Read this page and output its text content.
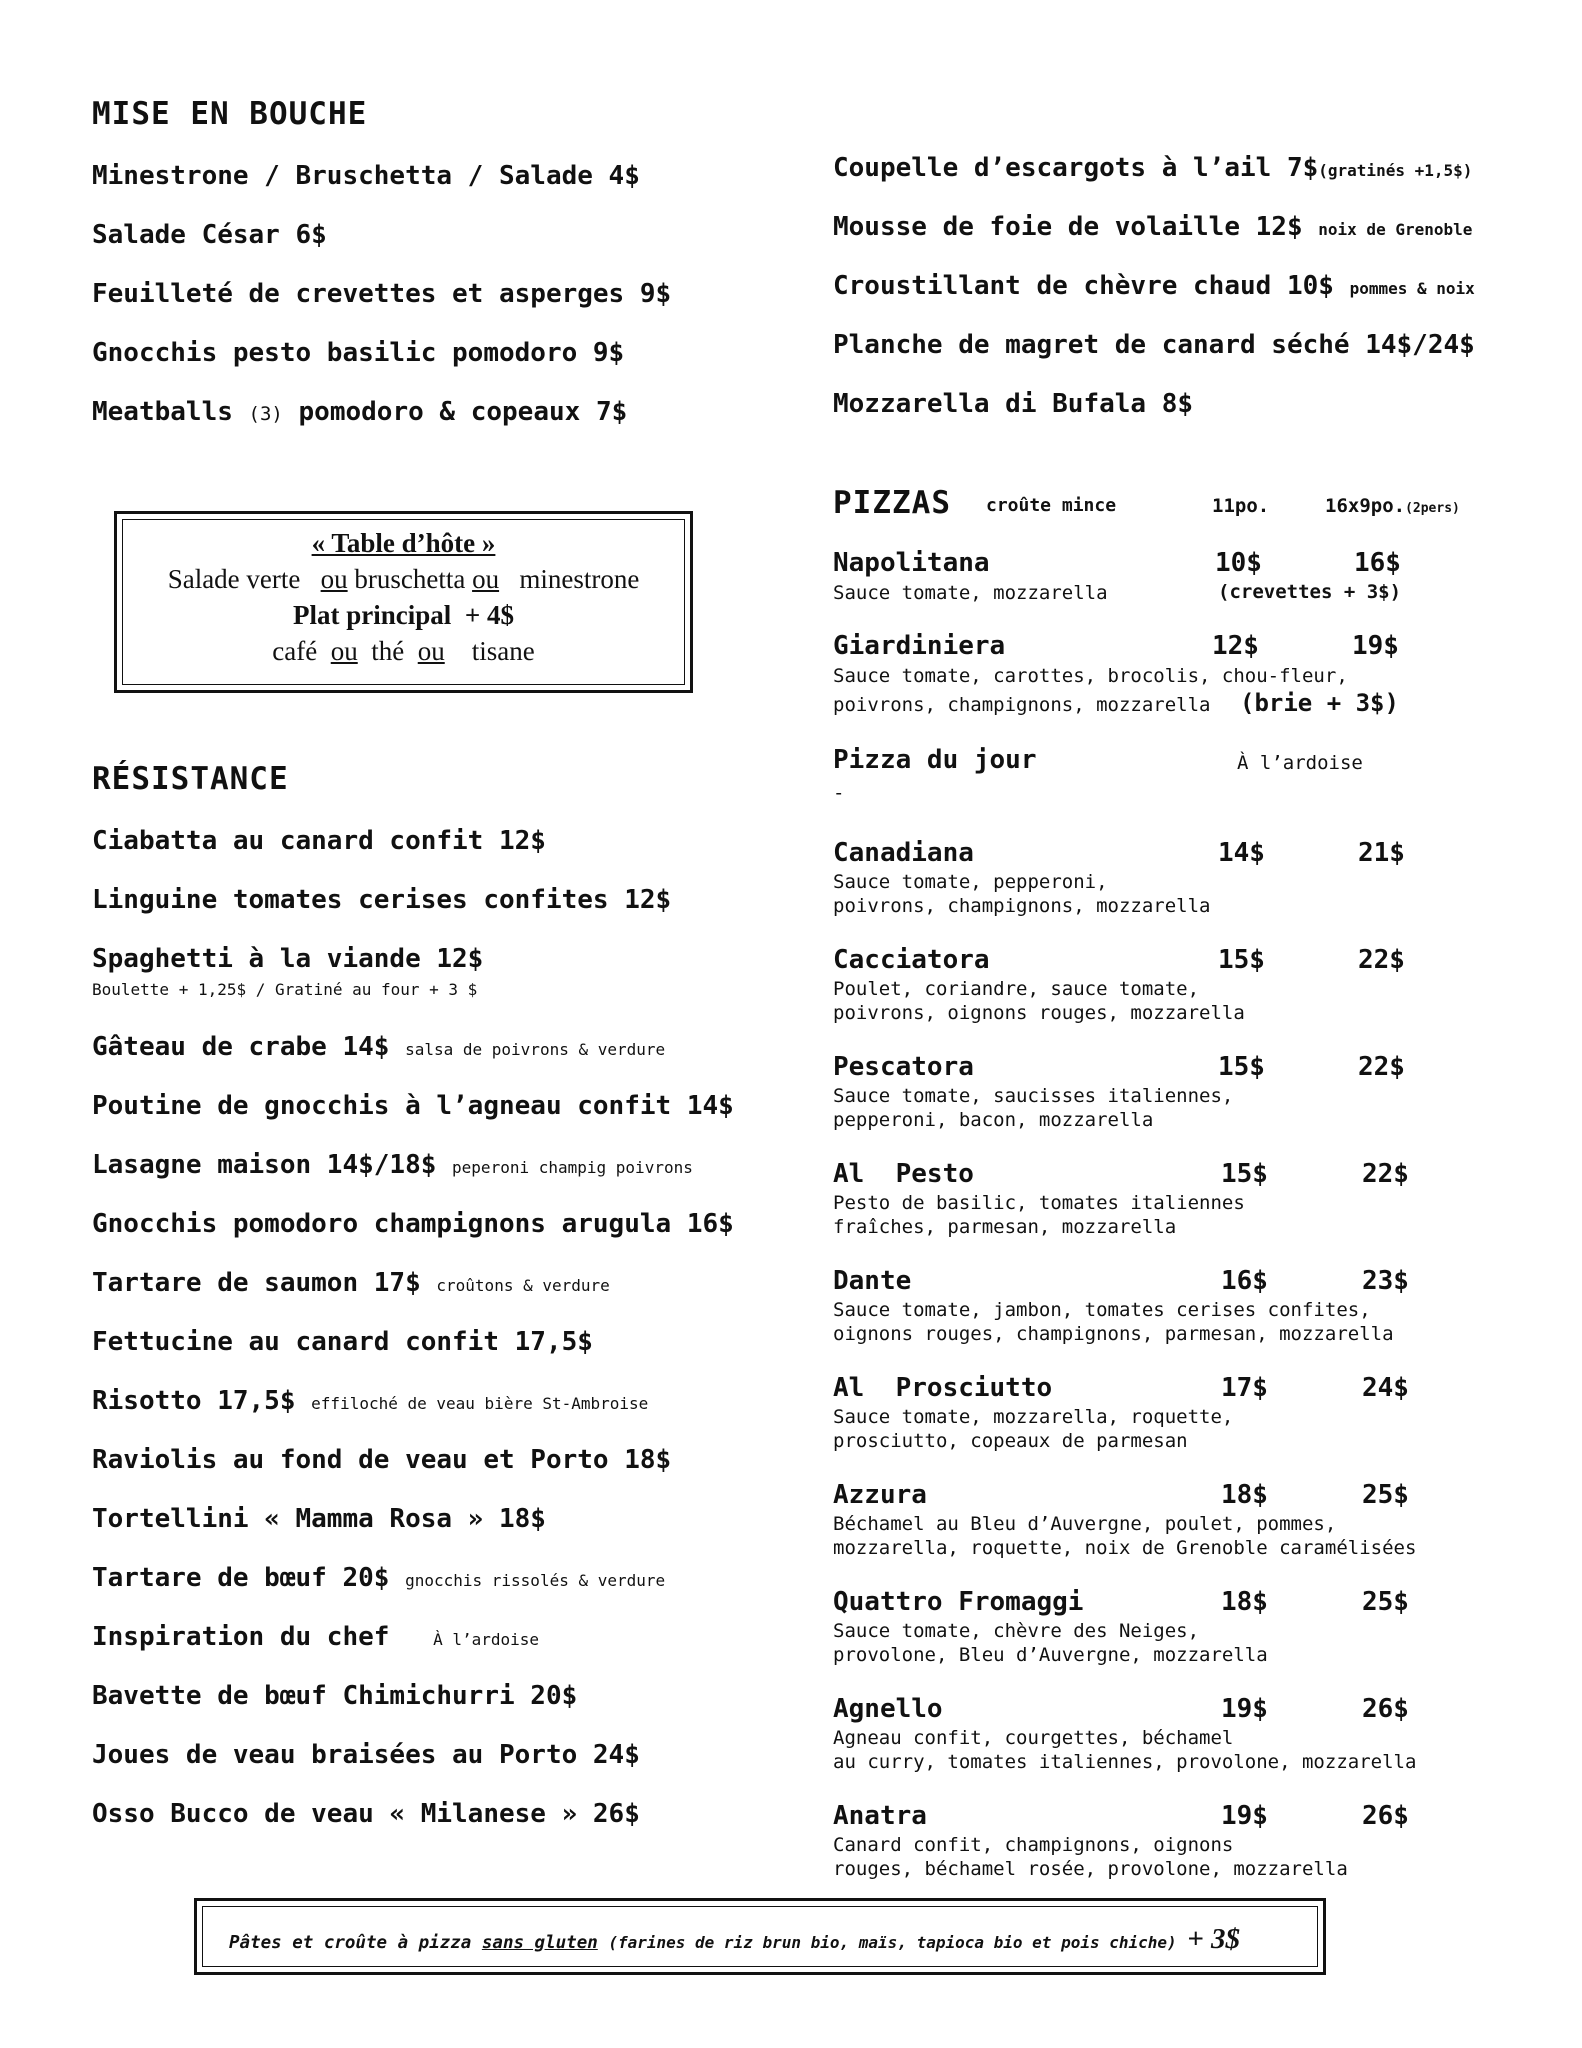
MISE EN BOUCHE
Minestrone / Bruschetta / Salade 4$
Salade César 6$
Feuilleté de crevettes et asperges 9$
Gnocchis pesto basilic pomodoro 9$
Meatballs (3) pomodoro & copeaux 7$
Coupelle d’escargots à l’ail 7$(gratinés +1,5$)
Mousse de foie de volaille 12$ noix de Grenoble
Croustillant de chèvre chaud 10$ pommes & noix
Planche de magret de canard séché 14$/24$
Mozzarella di Bufala 8$
« Table d’hôte »
Salade verte ou bruschetta ou minestrone
Plat principal + 4$
café ou thé ou tisane
RÉSISTANCE
Ciabatta au canard confit 12$
Linguine tomates cerises confites 12$
Spaghetti à la viande 12$
Boulette + 1,25$ / Gratiné au four + 3 $
Gâteau de crabe 14$ salsa de poivrons & verdure
Poutine de gnocchis à l’agneau confit 14$
Lasagne maison 14$/18$ peperoni champig poivrons
Gnocchis pomodoro champignons arugula 16$
Tartare de saumon 17$ croûtons & verdure
Fettucine au canard confit 17,5$
Risotto 17,5$ effiloché de veau bière St-Ambroise
Raviolis au fond de veau et Porto 18$
Tortellini « Mamma Rosa » 18$
Tartare de bœuf 20$ gnocchis rissolés & verdure
Inspiration du chef	À l’ardoise
Bavette de bœuf Chimichurri 20$
Joues de veau braisées au Porto 24$
Osso Bucco de veau « Milanese » 26$
PIZZAS croûte mince	11po.	16x9po.(2pers)
Napolitana	10$	16$
Sauce tomate, mozzarella	(crevettes + 3$)
Giardiniera	12$	19$
Sauce tomate, carottes, brocolis, chou-fleur,
poivrons, champignons, mozzarella (brie + 3$)
Pizza du jour	À l’ardoise
-
Canadiana	14$	21$
Sauce tomate, pepperoni,
poivrons, champignons, mozzarella
Cacciatora	15$	22$
Poulet, coriandre, sauce tomate,
poivrons, oignons rouges, mozzarella
Pescatora	15$	22$
Sauce tomate, saucisses italiennes,
pepperoni, bacon, mozzarella
Al  Pesto	15$	22$
Pesto de basilic, tomates italiennes
fraîches, parmesan, mozzarella
Dante	16$	23$
Sauce tomate, jambon, tomates cerises confites,
oignons rouges, champignons, parmesan, mozzarella
Al  Prosciutto	17$	24$
Sauce tomate, mozzarella, roquette,
prosciutto, copeaux de parmesan
Azzura	18$	25$
Béchamel au Bleu d’Auvergne, poulet, pommes,
mozzarella, roquette, noix de Grenoble caramélisées
Quattro Fromaggi	18$	25$
Sauce tomate, chèvre des Neiges,
provolone, Bleu d’Auvergne, mozzarella
Agnello	19$	26$
Agneau confit, courgettes, béchamel
au curry, tomates italiennes, provolone, mozzarella
Anatra	19$	26$
Canard confit, champignons, oignons
rouges, béchamel rosée, provolone, mozzarella
Pâtes et croûte à pizza sans gluten (farines de riz brun bio, maïs, tapioca bio et pois chiche) + 3$
